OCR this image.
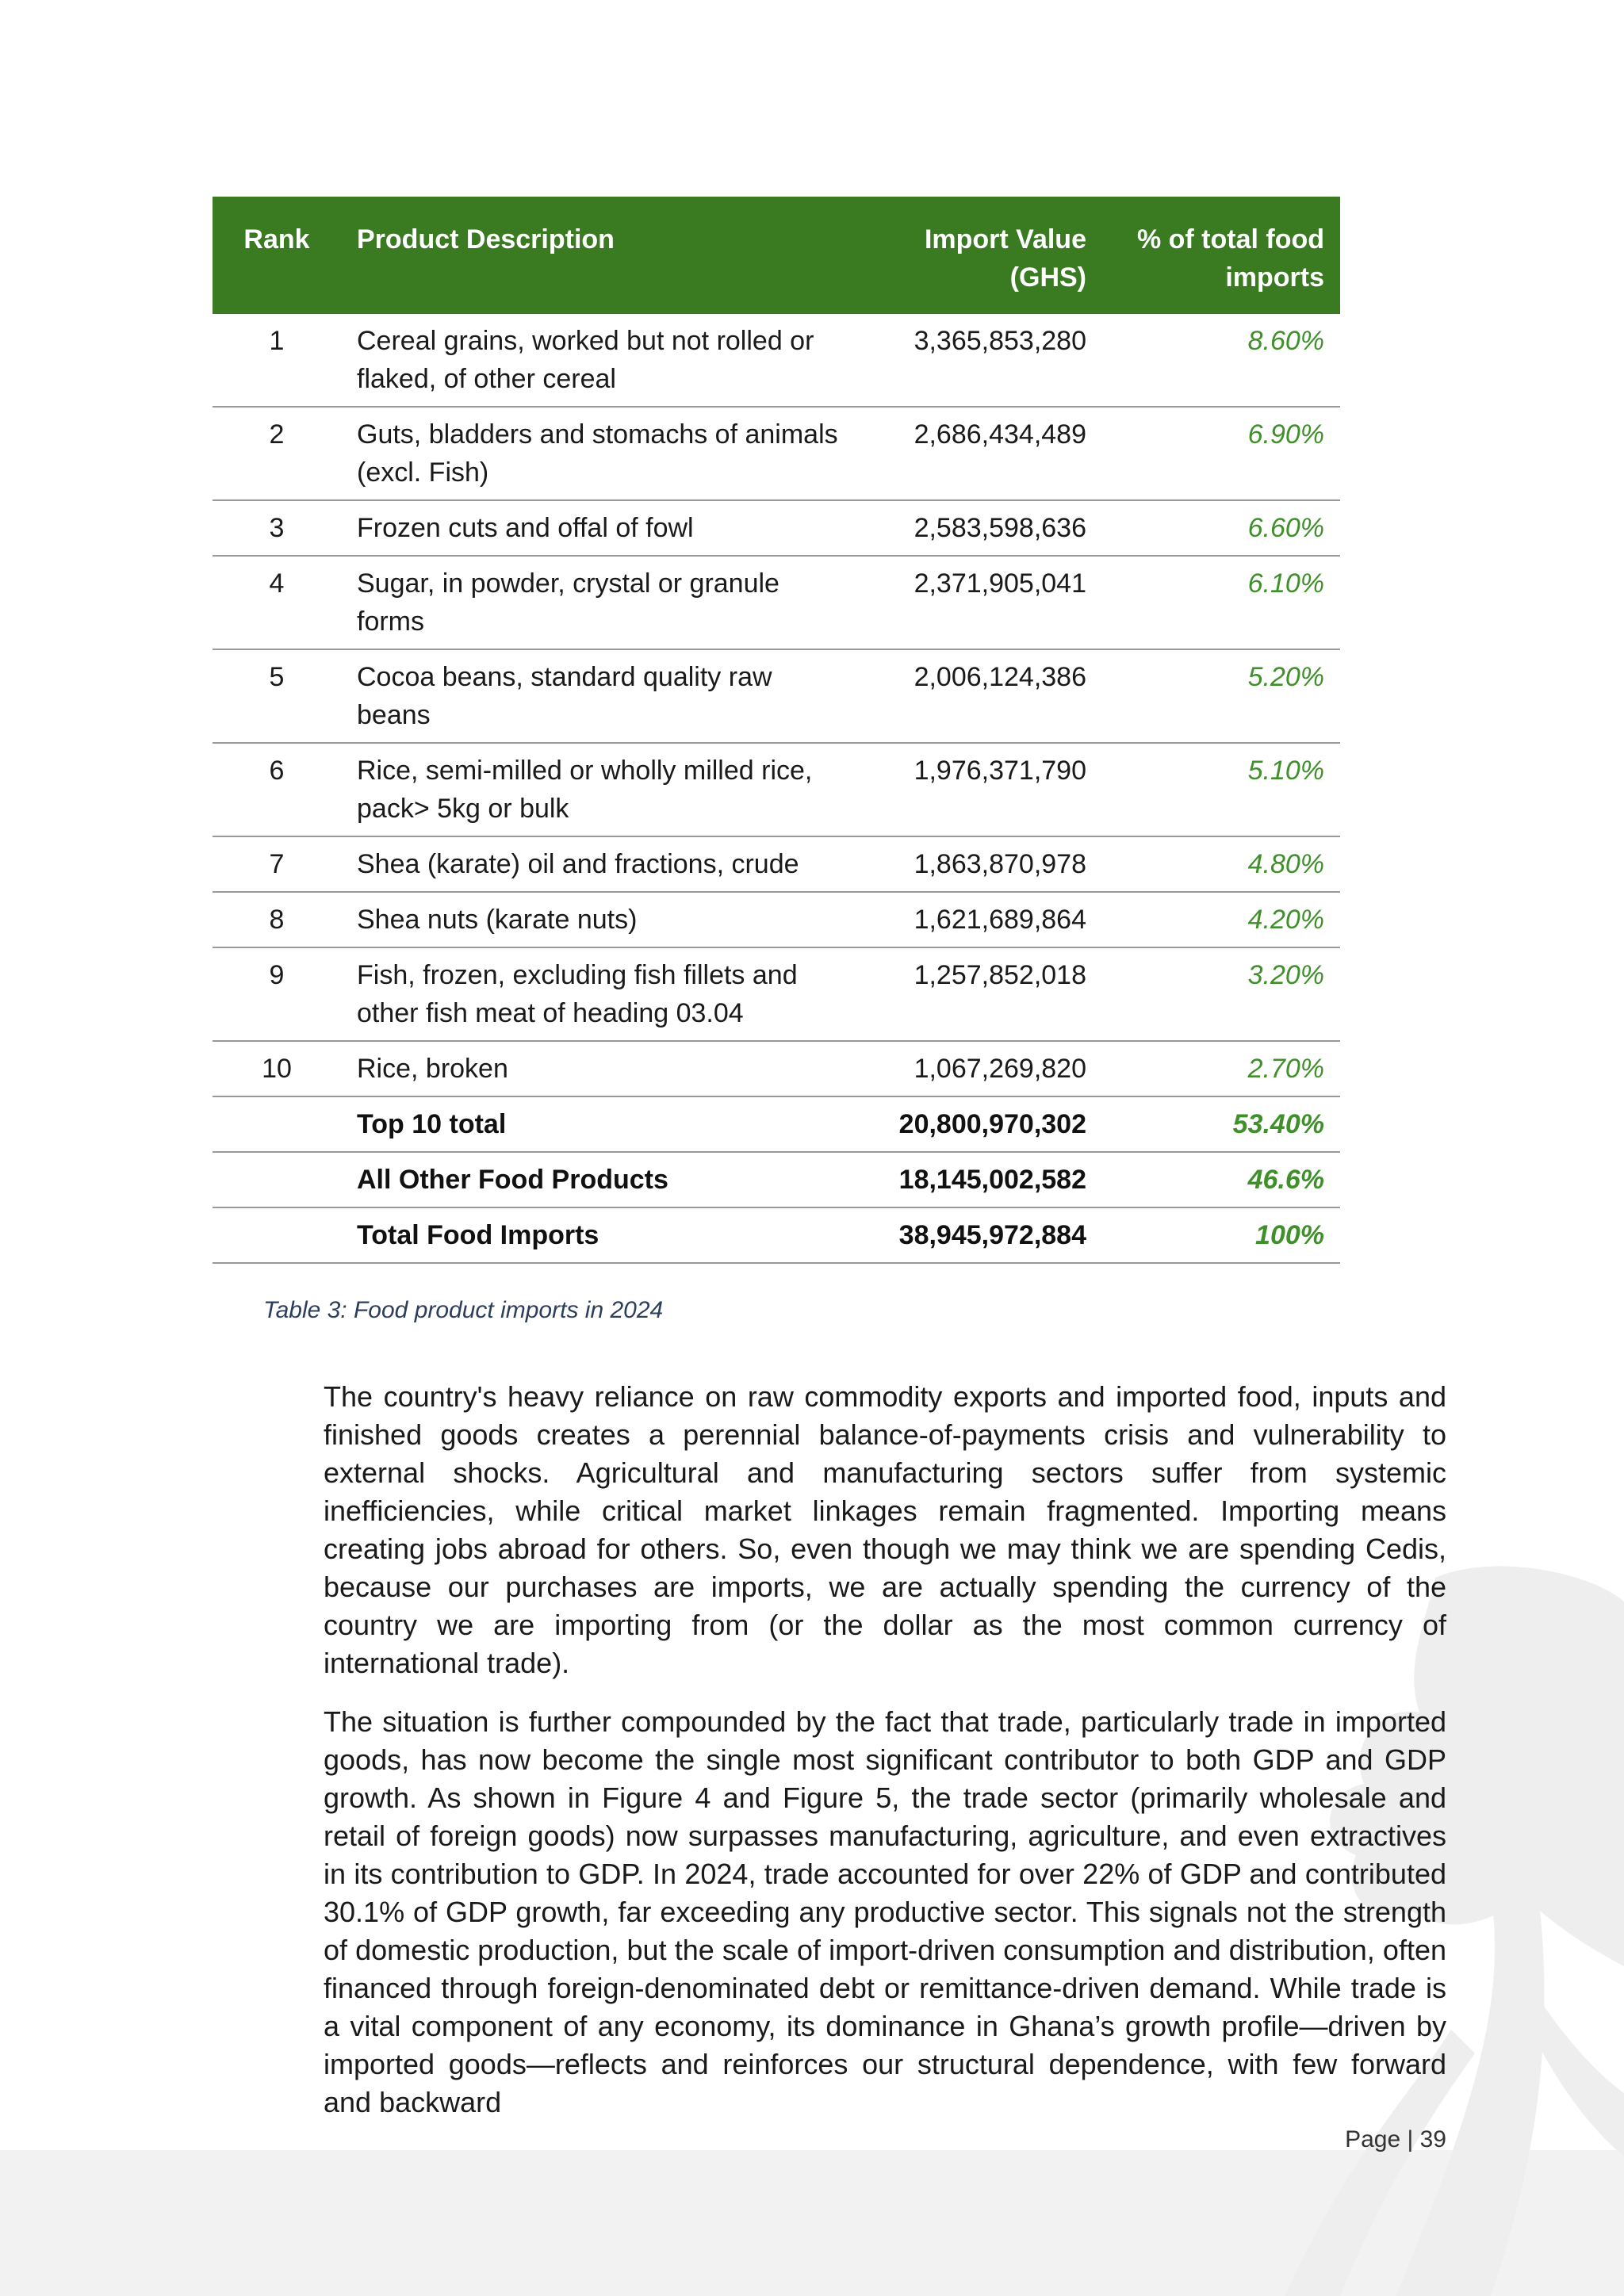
Rank	Product Description	Import Value (GHS)	% of total food imports
1	Cereal grains, worked but not rolled or flaked, of other cereal	3,365,853,280	8.60%
2	Guts, bladders and stomachs of animals (excl. Fish)	2,686,434,489	6.90%
3	Frozen cuts and offal of fowl	2,583,598,636	6.60%
4	Sugar, in powder, crystal or granule forms	2,371,905,041	6.10%
5	Cocoa beans, standard quality raw beans	2,006,124,386	5.20%
6	Rice, semi-milled or wholly milled rice, pack> 5kg or bulk	1,976,371,790	5.10%
7	Shea (karate) oil and fractions, crude	1,863,870,978	4.80%
8	Shea nuts (karate nuts)	1,621,689,864	4.20%
9	Fish, frozen, excluding fish fillets and other fish meat of heading 03.04	1,257,852,018	3.20%
10	Rice, broken	1,067,269,820	2.70%
	Top 10 total	20,800,970,302	53.40%
	All Other Food Products	18,145,002,582	46.6%
	Total Food Imports	38,945,972,884	100%
Table 3: Food product imports in 2024

The country's heavy reliance on raw commodity exports and imported food, inputs and finished goods creates a perennial balance-of-payments crisis and vulnerability to external shocks. Agricultural and manufacturing sectors suffer from systemic inefficiencies, while critical market linkages remain fragmented. Importing means creating jobs abroad for others. So, even though we may think we are spending Cedis, because our purchases are imports, we are actually spending the currency of the country we are importing from (or the dollar as the most common currency of international trade).

The situation is further compounded by the fact that trade, particularly trade in imported goods, has now become the single most significant contributor to both GDP and GDP growth. As shown in Figure 4 and Figure 5, the trade sector (primarily wholesale and retail of foreign goods) now surpasses manufacturing, agriculture, and even extractives in its contribution to GDP. In 2024, trade accounted for over 22% of GDP and contributed 30.1% of GDP growth, far exceeding any productive sector. This signals not the strength of domestic production, but the scale of import-driven consumption and distribution, often financed through foreign-denominated debt or remittance-driven demand. While trade is a vital component of any economy, its dominance in Ghana’s growth profile—driven by imported goods—reflects and reinforces our structural dependence, with few forward and backward

Page | 39
